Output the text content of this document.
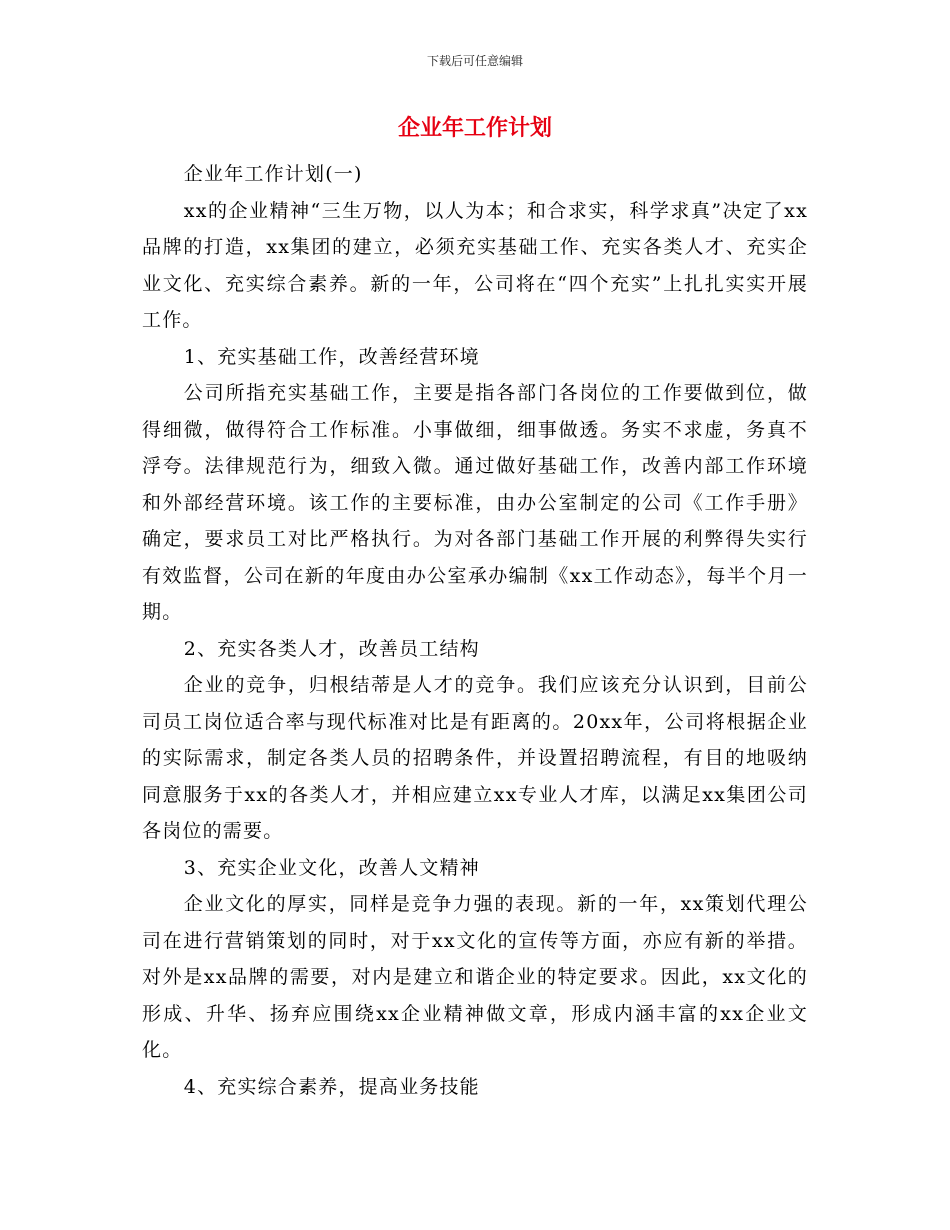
下载后可任意编辑
企业年工作计划

企业年工作计划(一)

xx的企业精神“三生万物，以人为本；和合求实，科学求真”决定了xx品牌的打造，xx集团的建立，必须充实基础工作、充实各类人才、充实企业文化、充实综合素养。新的一年，公司将在“四个充实”上扎扎实实开展工作。

1、充实基础工作，改善经营环境

公司所指充实基础工作，主要是指各部门各岗位的工作要做到位，做得细微，做得符合工作标准。小事做细，细事做透。务实不求虚，务真不浮夸。法律规范行为，细致入微。通过做好基础工作，改善内部工作环境和外部经营环境。该工作的主要标准，由办公室制定的公司《工作手册》确定，要求员工对比严格执行。为对各部门基础工作开展的利弊得失实行有效监督，公司在新的年度由办公室承办编制《xx工作动态》，每半个月一期。

2、充实各类人才，改善员工结构

企业的竞争，归根结蒂是人才的竞争。我们应该充分认识到，目前公司员工岗位适合率与现代标准对比是有距离的。20xx年，公司将根据企业的实际需求，制定各类人员的招聘条件，并设置招聘流程，有目的地吸纳同意服务于xx的各类人才，并相应建立xx专业人才库，以满足xx集团公司各岗位的需要。

3、充实企业文化，改善人文精神

企业文化的厚实，同样是竞争力强的表现。新的一年，xx策划代理公司在进行营销策划的同时，对于xx文化的宣传等方面，亦应有新的举措。对外是xx品牌的需要，对内是建立和谐企业的特定要求。因此，xx文化的形成、升华、扬弃应围绕xx企业精神做文章，形成内涵丰富的xx企业文化。

4、充实综合素养，提高业务技能
